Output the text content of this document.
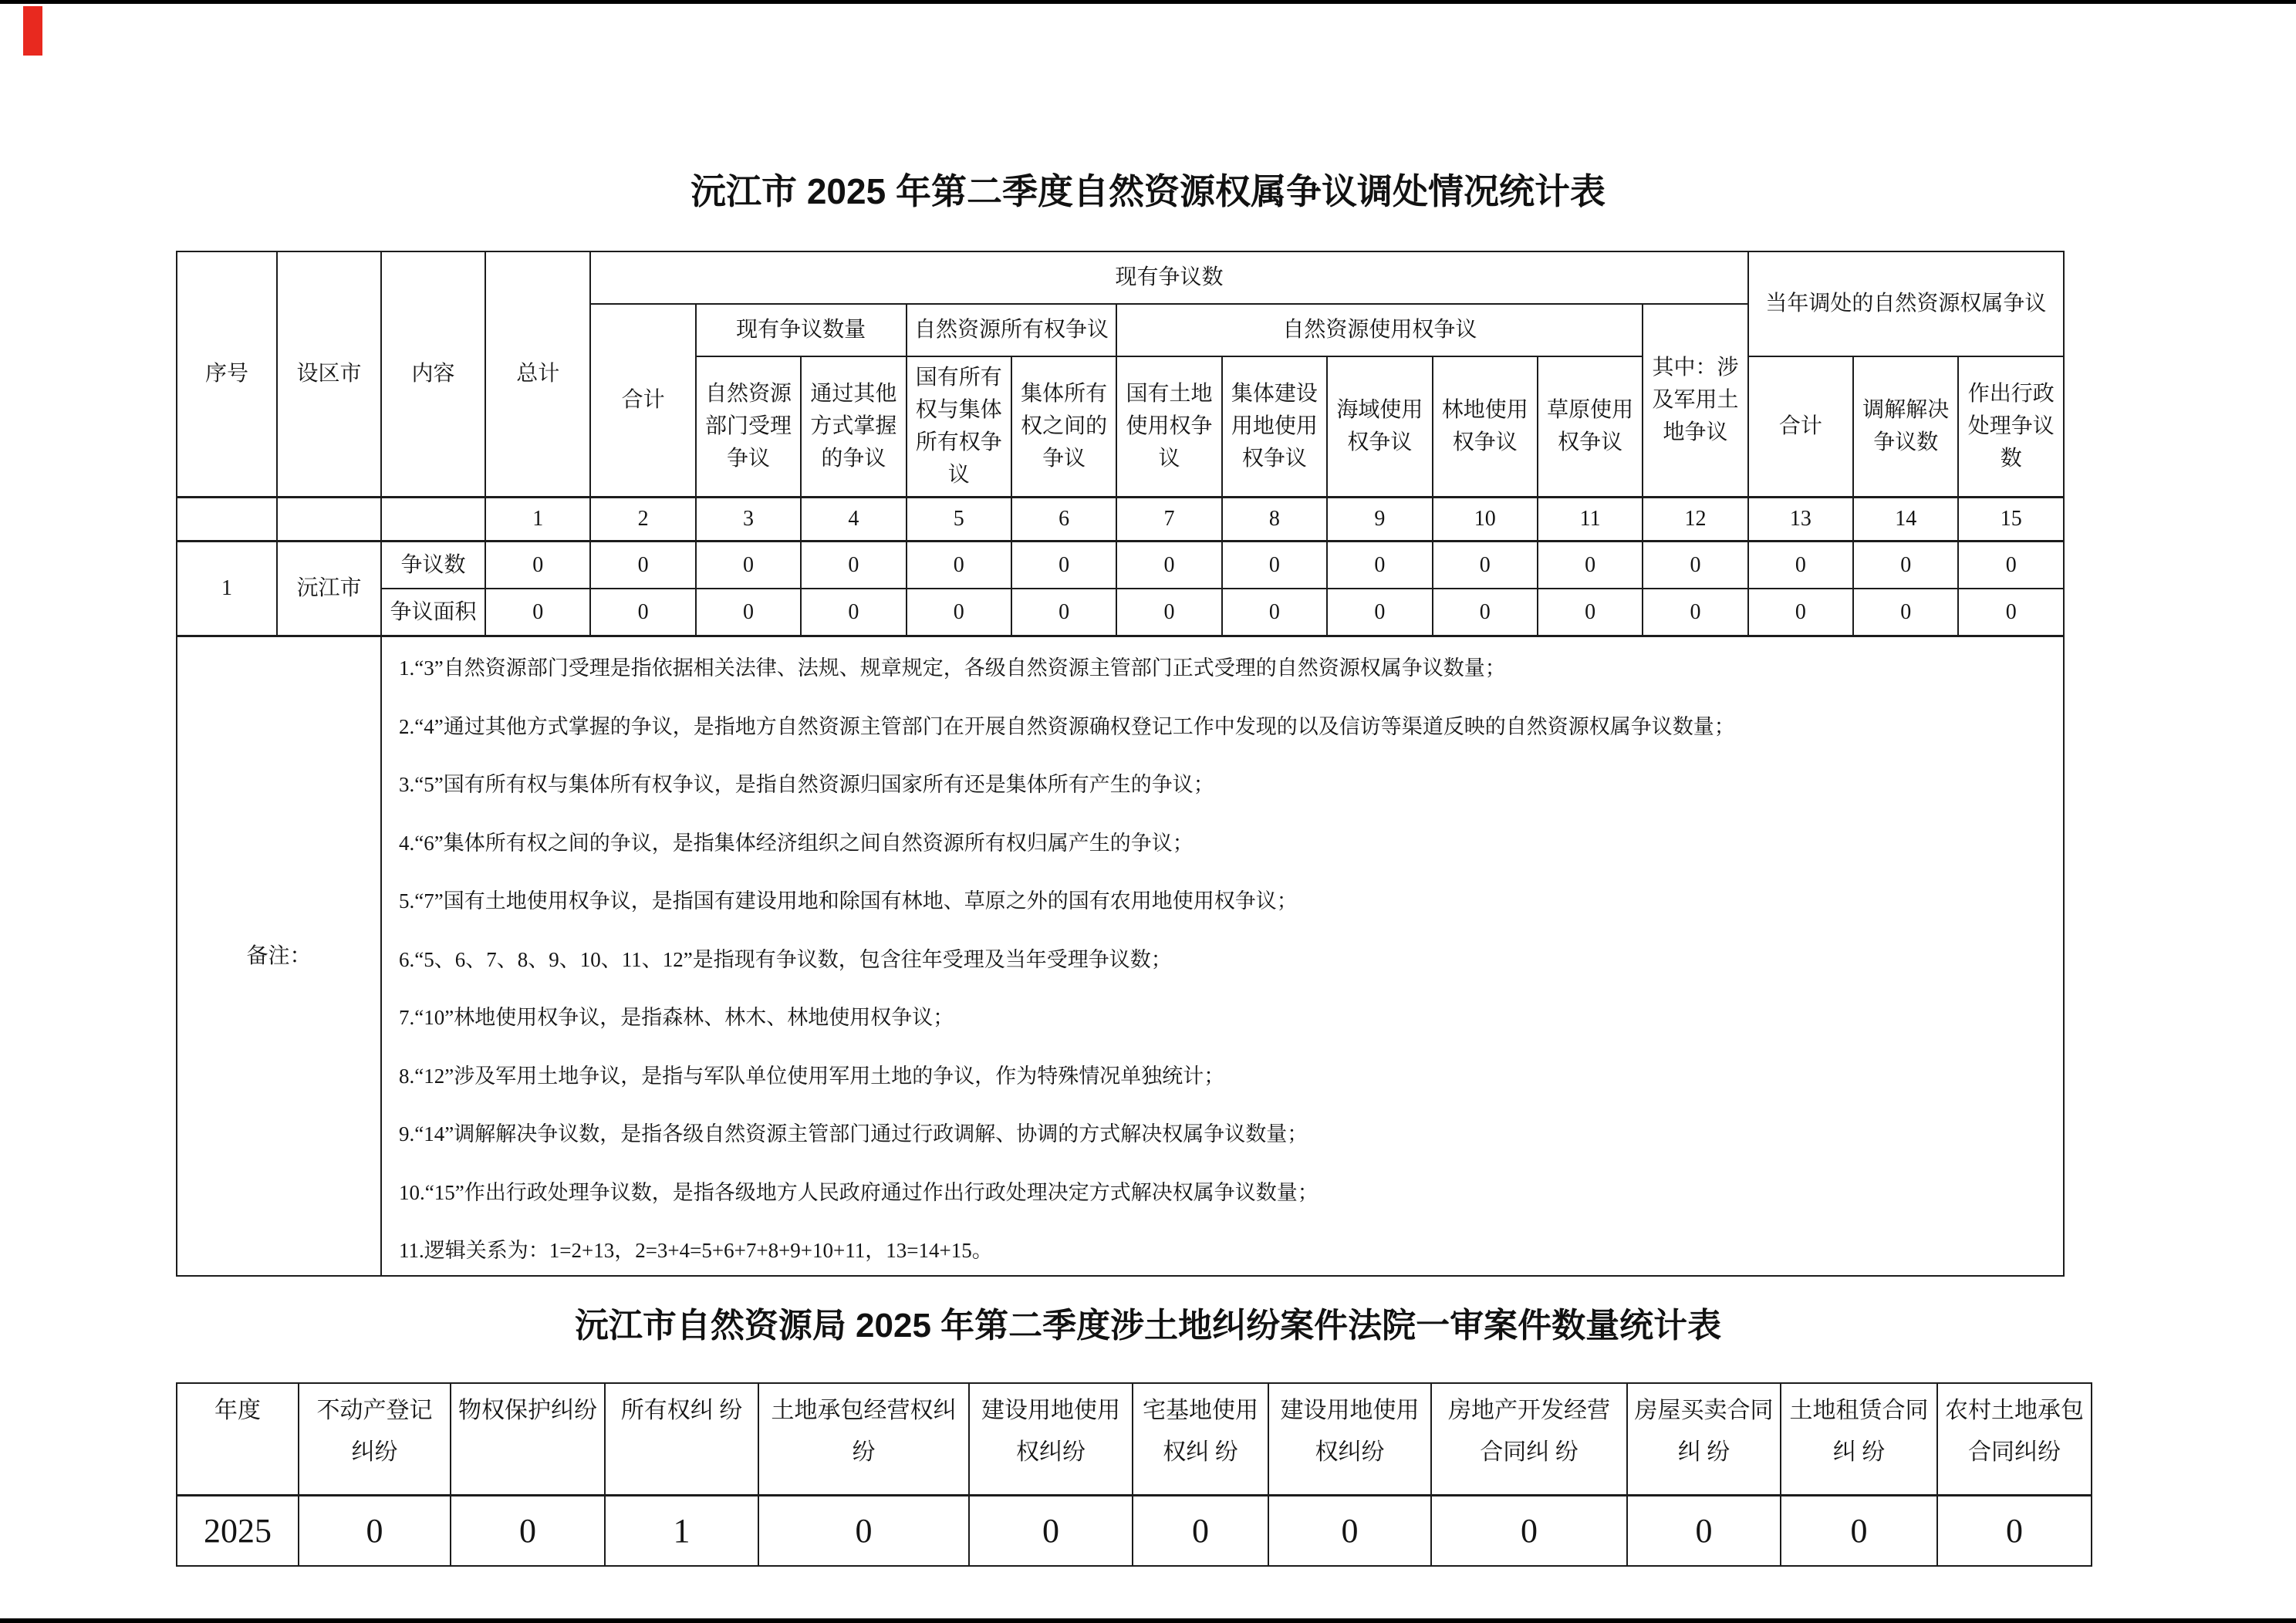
沅江市 2025 年第二季度自然资源权属争议调处情况统计表
序号	设区市	内容	总计	现有争议数											当年调处的自然资源权属争议		
				合计	现有争议数量		自然资源所有权争议		自然资源使用权争议					其中：涉及军用土地争议			
					自然资源部门受理争议	通过其他方式掌握的争议	国有所有权与集体所有权争议	集体所有权之间的争议	国有土地使用权争议	集体建设用地使用权争议	海域使用权争议	林地使用权争议	草原使用权争议		合计	调解解决争议数	作出行政处理争议数
			1	2	3	4	5	6	7	8	9	10	11	12	13	14	15
1	沅江市	争议数	0	0	0	0	0	0	0	0	0	0	0	0	0	0	0
		争议面积	0	0	0	0	0	0	0	0	0	0	0	0	0	0	0
备注：	

1.“3”自然资源部门受理是指依据相关法律、法规、规章规定，各级自然资源主管部门正式受理的自然资源权属争议数量；

2.“4”通过其他方式掌握的争议，是指地方自然资源主管部门在开展自然资源确权登记工作中发现的以及信访等渠道反映的自然资源权属争议数量；

3.“5”国有所有权与集体所有权争议，是指自然资源归国家所有还是集体所有产生的争议；

4.“6”集体所有权之间的争议，是指集体经济组织之间自然资源所有权归属产生的争议；

5.“7”国有土地使用权争议，是指国有建设用地和除国有林地、草原之外的国有农用地使用权争议；

6.“5、6、7、8、9、10、11、12”是指现有争议数，包含往年受理及当年受理争议数；

7.“10”林地使用权争议，是指森林、林木、林地使用权争议；

8.“12”涉及军用土地争议，是指与军队单位使用军用土地的争议，作为特殊情况单独统计；

9.“14”调解解决争议数，是指各级自然资源主管部门通过行政调解、协调的方式解决权属争议数量；

10.“15”作出行政处理争议数，是指各级地方人民政府通过作出行政处理决定方式解决权属争议数量；

11.逻辑关系为：1=2+13，2=3+4=5+6+7+8+9+10+11，13=14+15。

沅江市自然资源局 2025 年第二季度涉土地纠纷案件法院一审案件数量统计表
年度	不动产登记纠纷	物权保护纠纷	所有权纠 纷	土地承包经营权纠纷	建设用地使用权纠纷	宅基地使用权纠 纷	建设用地使用权纠纷	房地产开发经营合同纠 纷	房屋买卖合同纠 纷	土地租赁合同纠 纷	农村土地承包合同纠纷
2025	0	0	1	0	0	0	0	0	0	0	0
